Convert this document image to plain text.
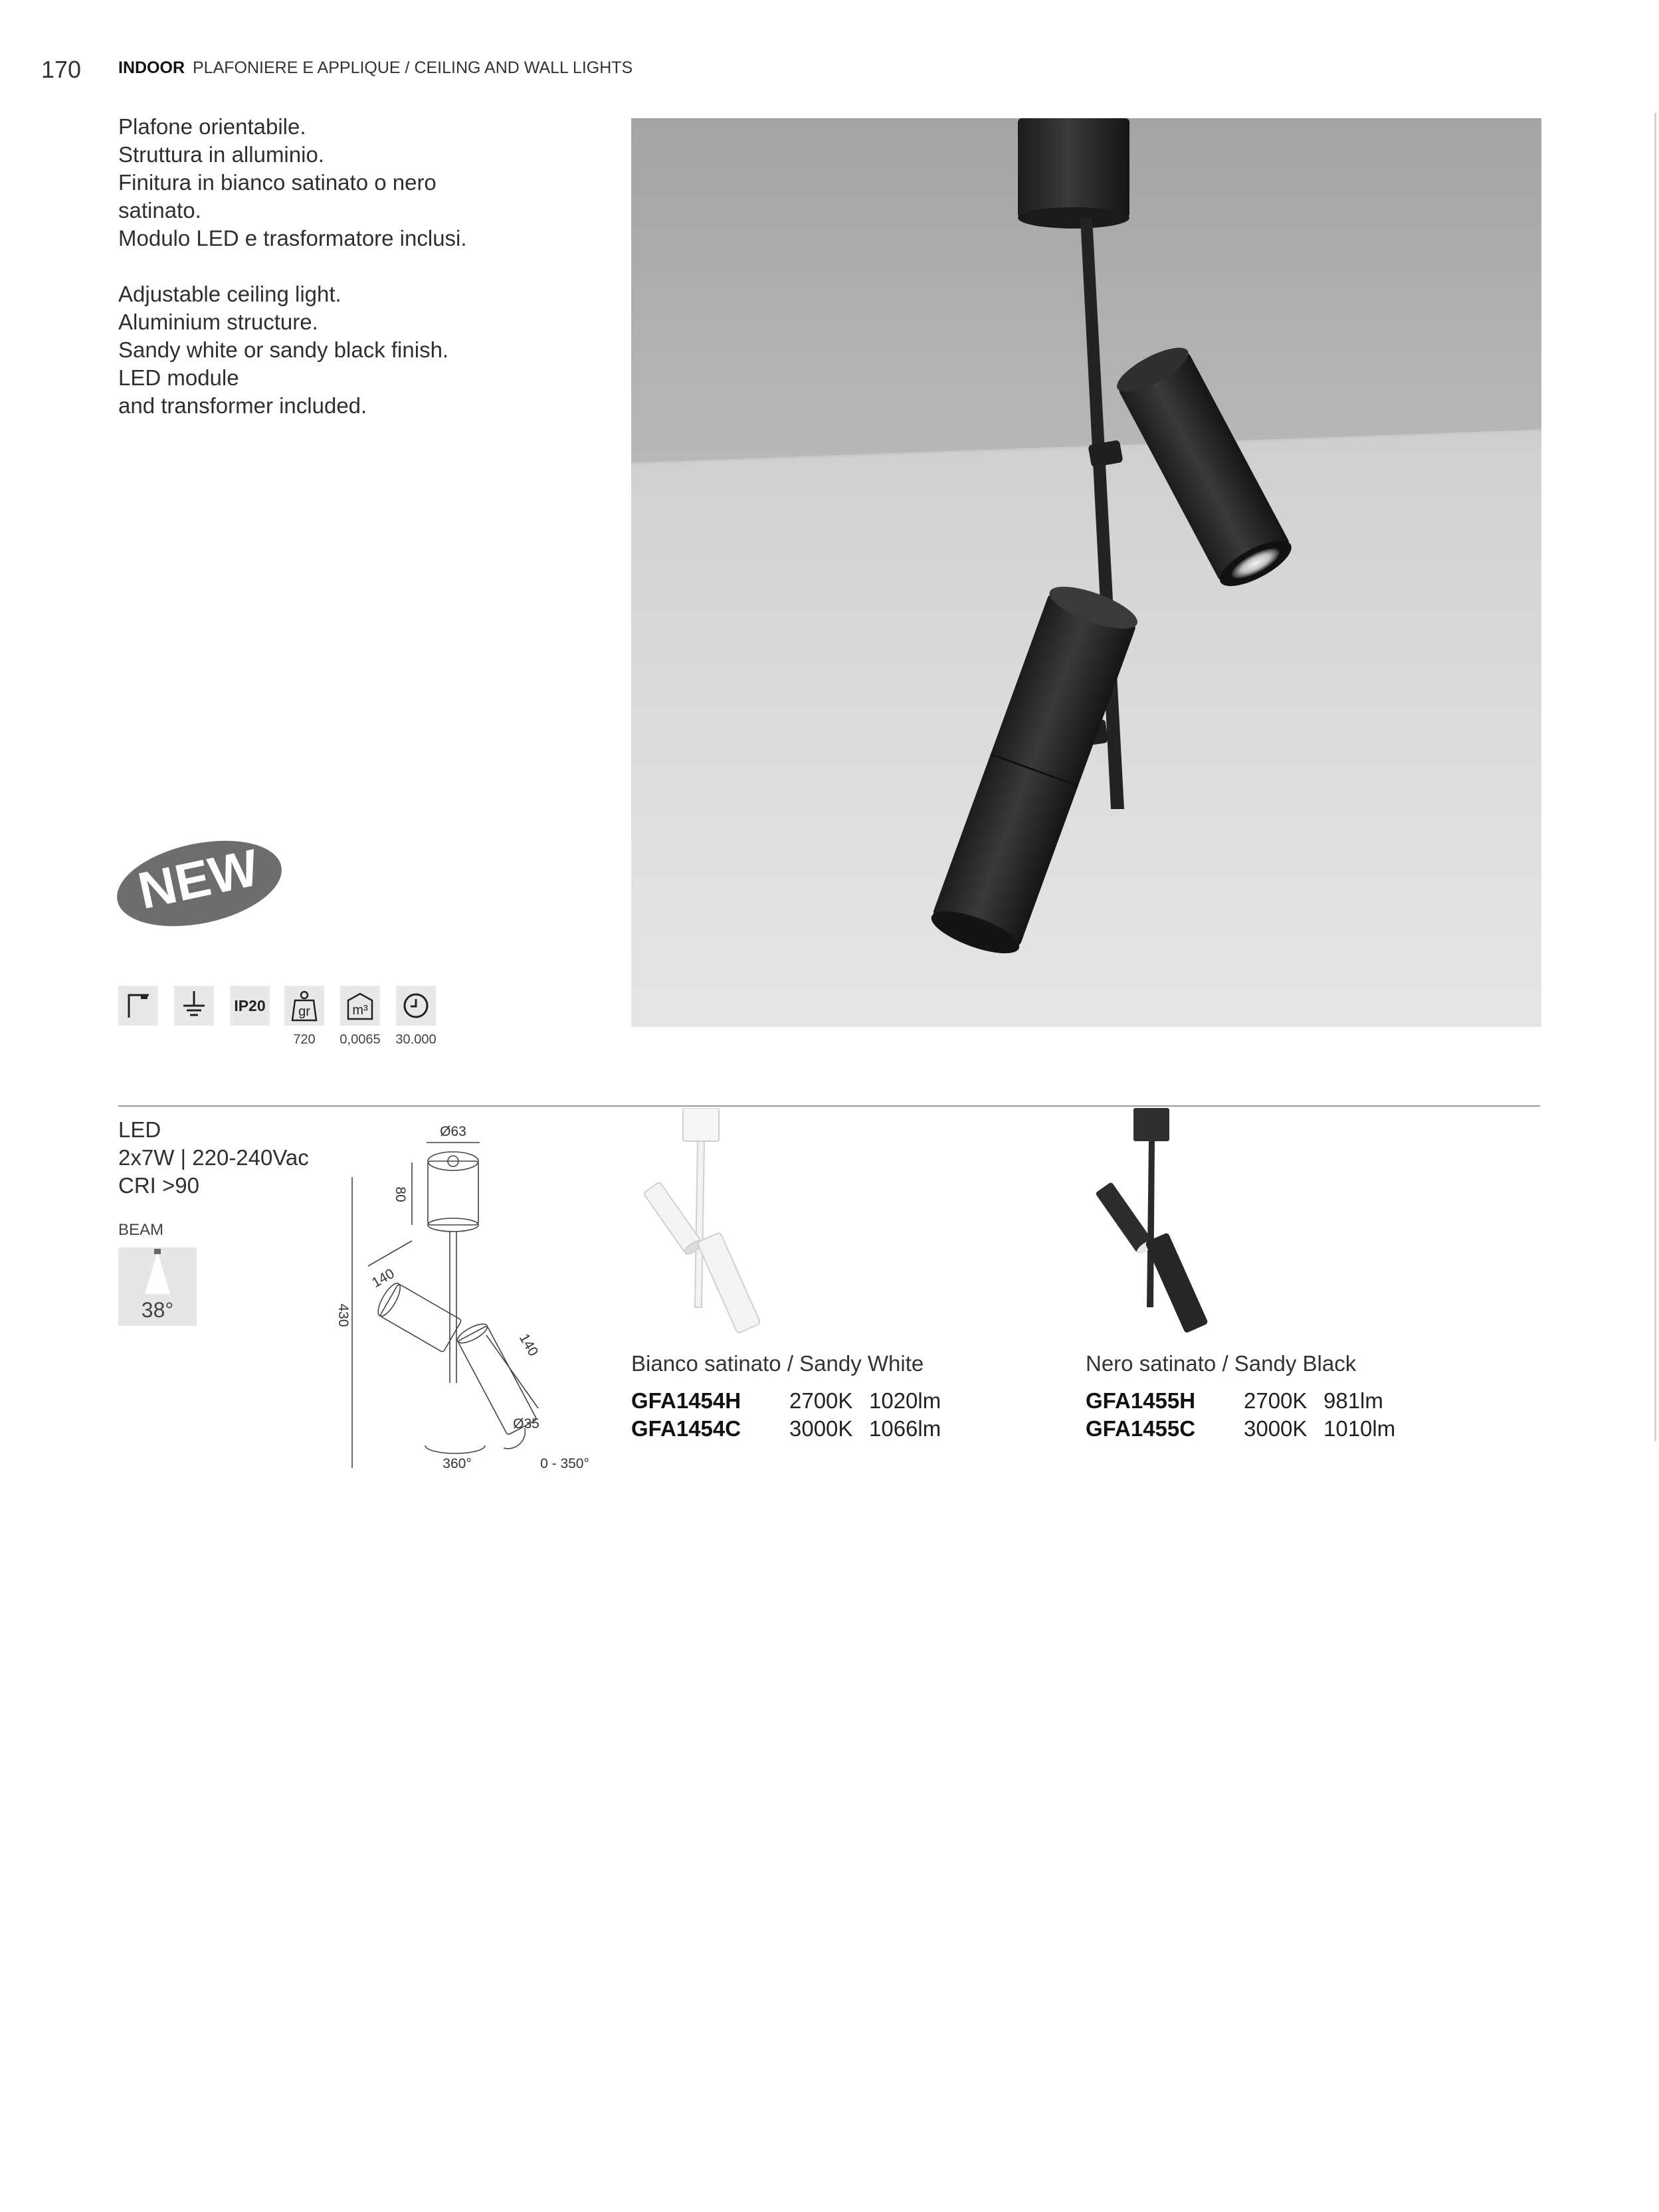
170 INDOOR PLAFONIERE E APPLIQUE / CEILING AND WALL LIGHTS
Plafone orientabile.
Struttura in alluminio.
Finitura in bianco satinato o nero
satinato.
Modulo LED e trasformatore inclusi.
Adjustable ceiling light.
Aluminium structure.
Sandy white or sandy black finish.
LED module
and transformer included.
NEW
IP20	gr
720
m³
0,0065	30.000
LED
2x7W | 220-240Vac
CRI >90
BEAM
38°
Ø63
80
430
140
140
Ø35
360°	0 - 350°
Bianco satinato / Sandy White
GFA1454H 2700K 1020lm
GFA1454C 3000K 1066lm
Nero satinato / Sandy Black
GFA1455H 2700K 981lm
GFA1455C 3000K 1010lm
